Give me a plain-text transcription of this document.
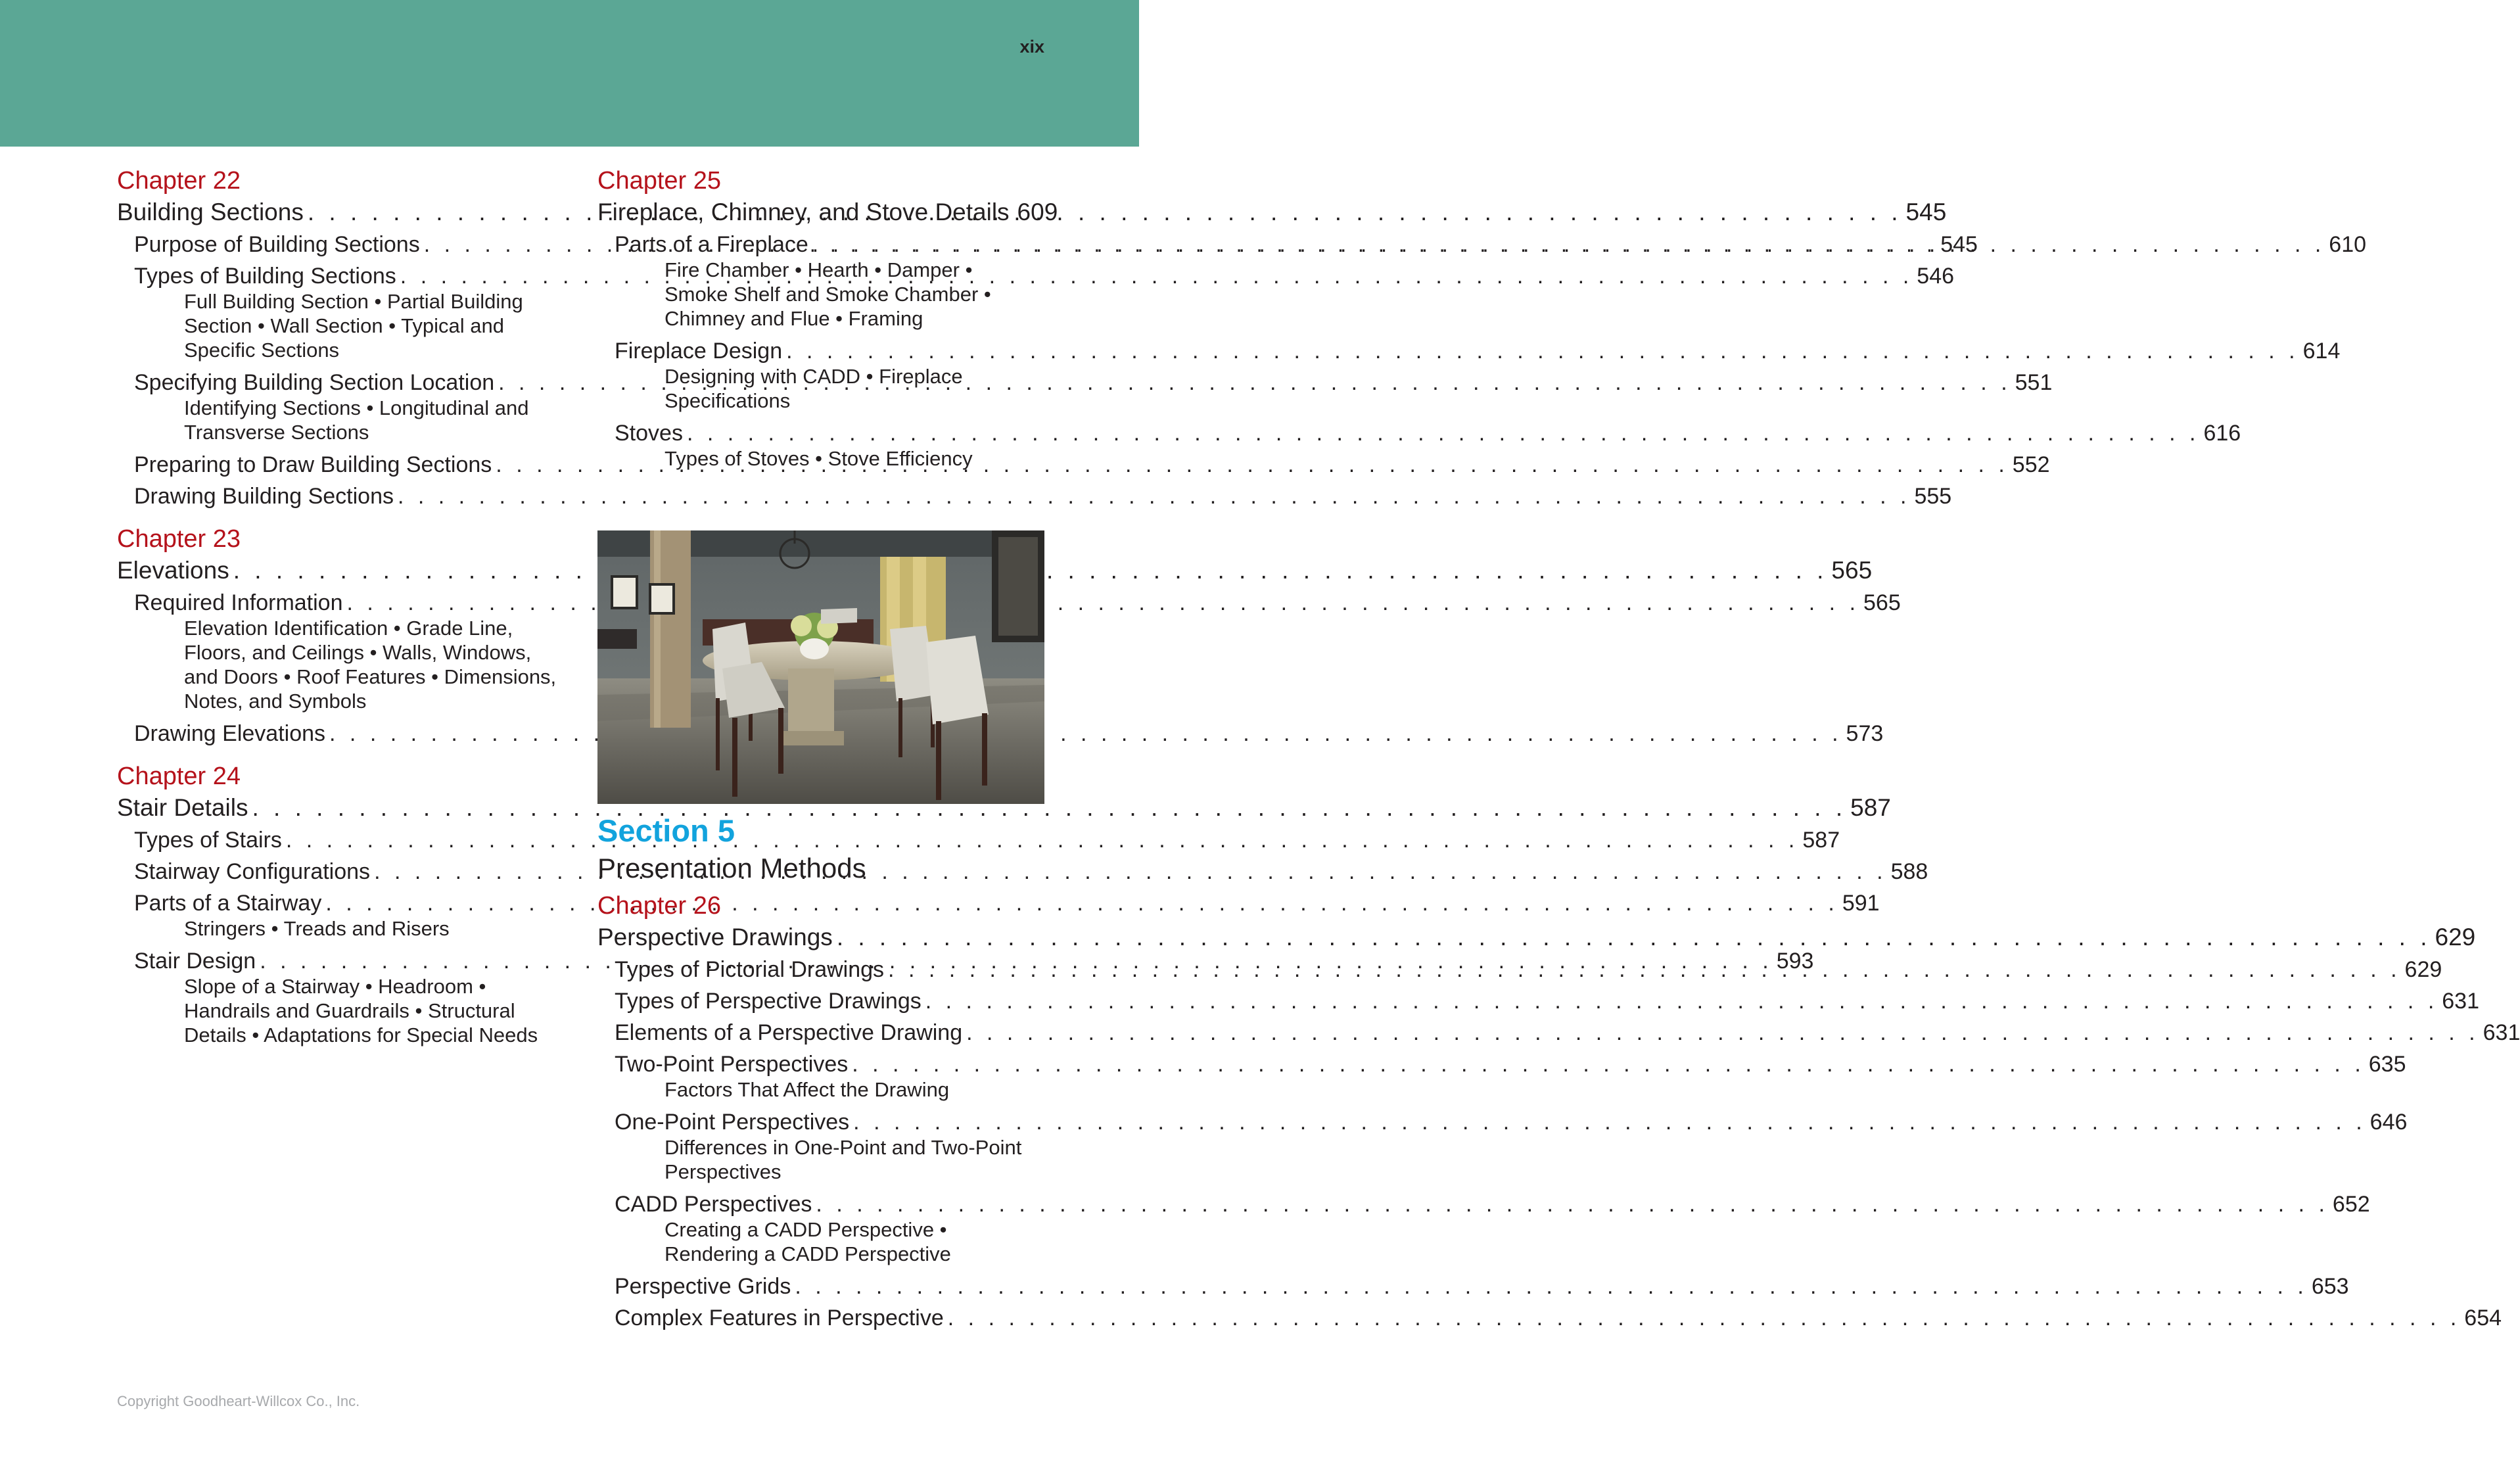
xix
Chapter 22
Building Sections . . .	545
Purpose of Building Sections . . .	545
Types of Building Sections . . .	546
Full Building Section • Partial Building Section • Wall Section • Typical and Specific Sections
Specifying Building Section Location . . .	551
Identifying Sections • Longitudinal and Transverse Sections
Preparing to Draw Building Sections . . .	552
Drawing Building Sections . . .	555
Chapter 23
Elevations . . .	565
Required Information . . .	565
Elevation Identification • Grade Line, Floors, and Ceilings • Walls, Windows, and Doors • Roof Features • Dimensions, Notes, and Symbols
Drawing Elevations . . .	573
Chapter 24
Stair Details . . .	587
Types of Stairs . . .	587
Stairway Configurations . . .	588
Parts of a Stairway . . .	591
Stringers • Treads and Risers
Stair Design . . .	593
Slope of a Stairway • Headroom • Handrails and Guardrails • Structural Details • Adaptations for Special Needs
Chapter 25
Fireplace, Chimney, and Stove Details 609
Parts of a Fireplace . . .	610
Fire Chamber • Hearth • Damper • Smoke Shelf and Smoke Chamber • Chimney and Flue • Framing
Fireplace Design . . .	614
Designing with CADD • Fireplace Specifications
Stoves . . .	616
Types of Stoves • Stove Efficiency
Section 5
Presentation Methods
Chapter 26
Perspective Drawings . . .	629
Types of Pictorial Drawings . . .	629
Types of Perspective Drawings . . .	631
Elements of a Perspective Drawing . . .	631
Two-Point Perspectives . . .	635
Factors That Affect the Drawing
One-Point Perspectives . . .	646
Differences in One-Point and Two-Point Perspectives
CADD Perspectives . . .	652
Creating a CADD Perspective • Rendering a CADD Perspective
Perspective Grids . . .	653
Complex Features in Perspective . . .	654
Copyright Goodheart-Willcox Co., Inc.
